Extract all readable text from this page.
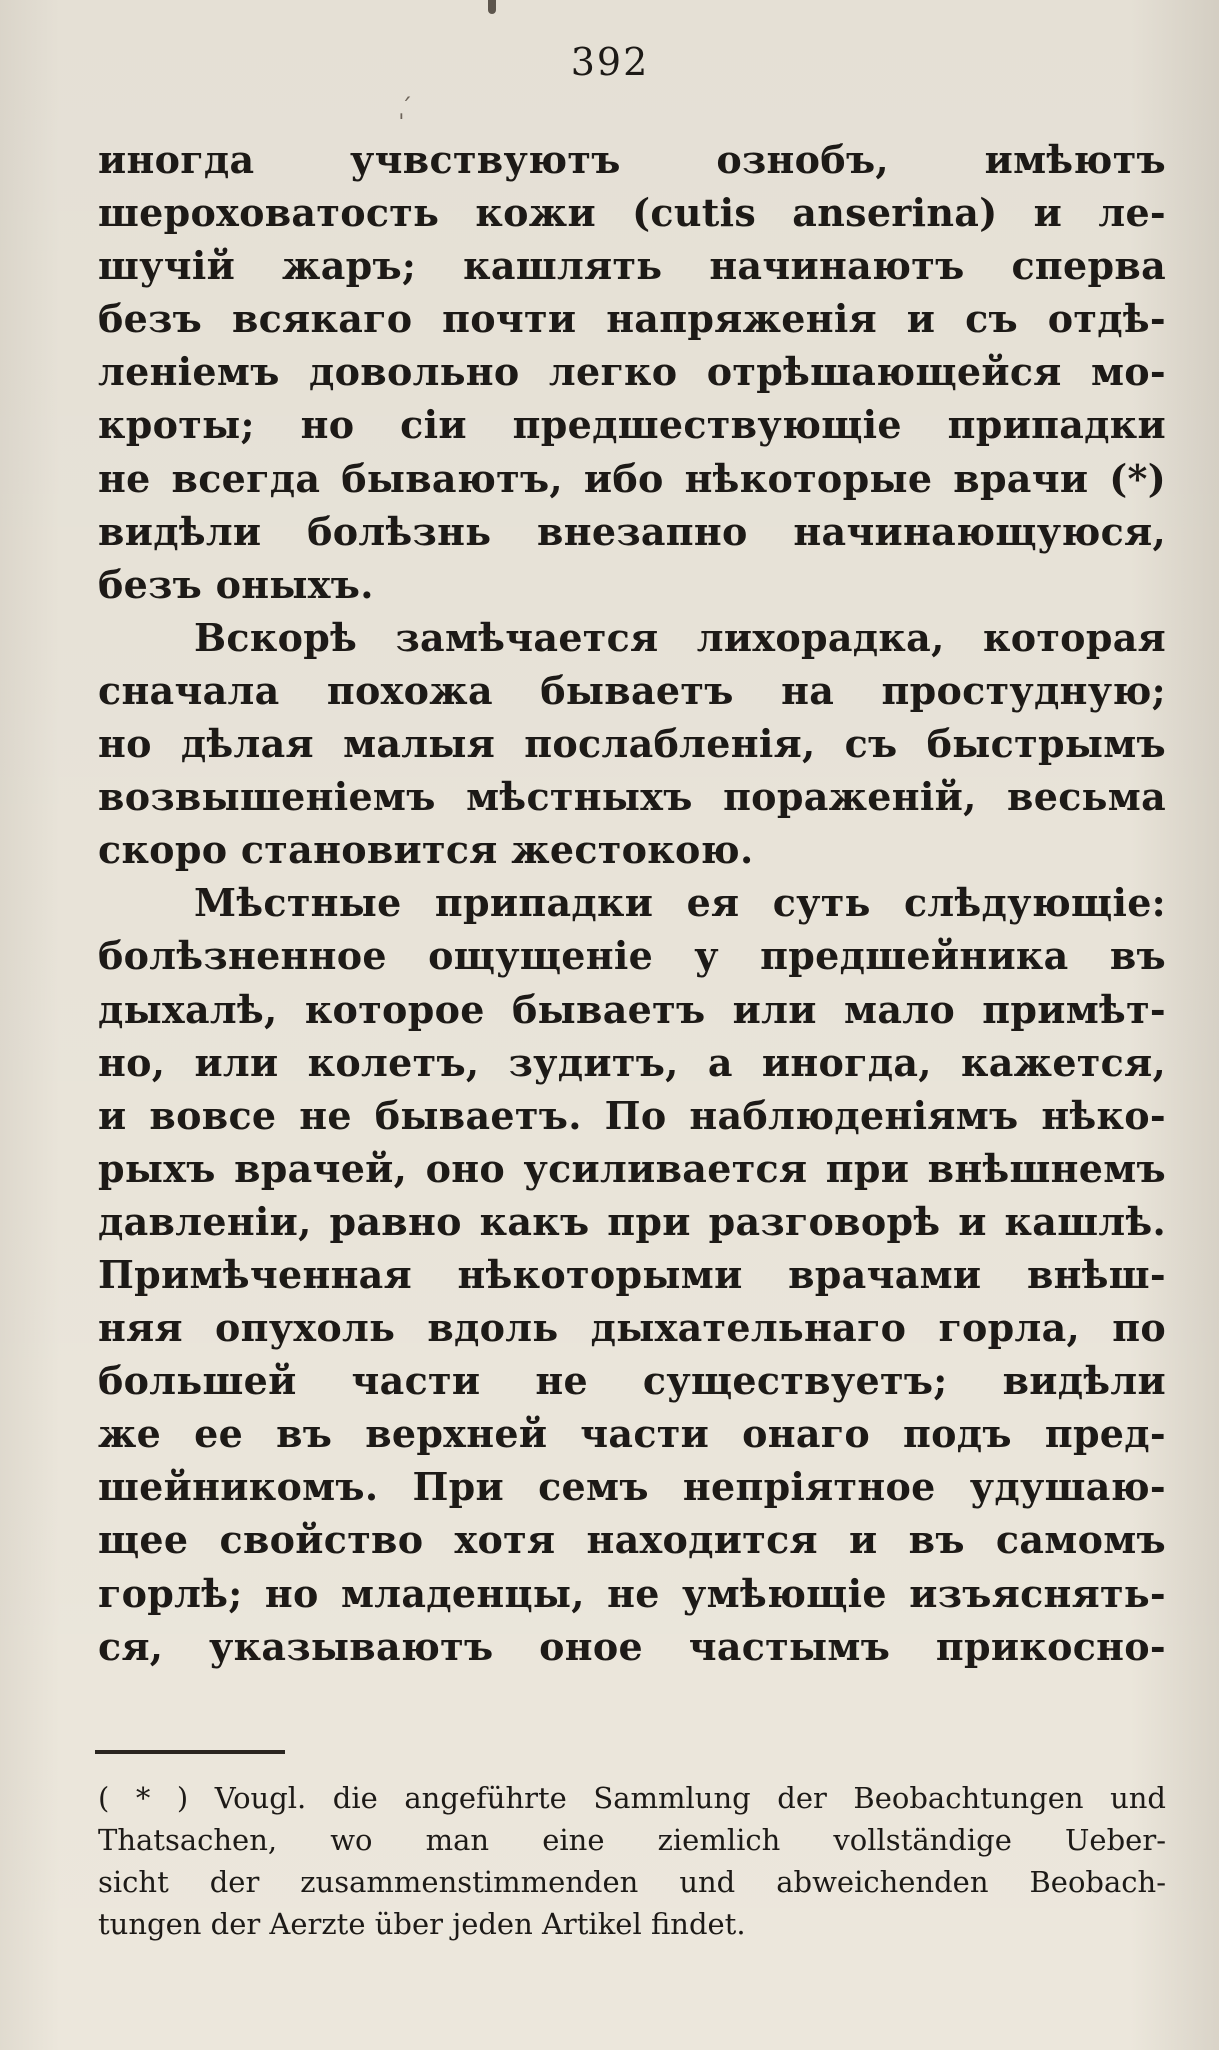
392
ˌ ́
иногда учвствуютъ ознобъ, имѣютъ
шероховатость кожи (cutis anserina) и ле-
шучій жаръ; кашлять начинаютъ сперва
безъ всякаго почти напряженія и съ отдѣ-
леніемъ довольно легко отрѣшающейся мо-
кроты; но сіи предшествующіе припадки
не всегда бываютъ, ибо нѣкоторые врачи (*)
видѣли болѣзнь внезапно начинающуюся,
безъ оныхъ.
Вскорѣ замѣчается лихорадка, которая
сначала похожа бываетъ на простудную;
но дѣлая малыя послабленія, съ быстрымъ
возвышеніемъ мѣстныхъ пораженій, весьма
скоро становится жестокою.
Мѣстные припадки ея суть слѣдующіе:
болѣзненное ощущеніе у предшейника въ
дыхалѣ, которое бываетъ или мало примѣт-
но, или колетъ, зудитъ, а иногда, кажется,
и вовсе не бываетъ. По наблюденіямъ нѣко-
рыхъ врачей, оно усиливается при внѣшнемъ
давленіи, равно какъ при разговорѣ и кашлѣ.
Примѣченная нѣкоторыми врачами внѣш-
няя опухоль вдоль дыхательнаго горла, по
большей части не существуетъ; видѣли
же ее въ верхней части онаго подъ пред-
шейникомъ. При семъ непріятное удушаю-
щее свойство хотя находится и въ самомъ
горлѣ; но младенцы, не умѣющіе изъяснять-
ся, указываютъ оное частымъ прикосно-
( * ) Vougl. die angeführte Sammlung der Beobachtungen und
Thatsachen, wo man eine ziemlich vollständige Ueber-
sicht der zusammenstimmenden und abweichenden Beobach-
tungen der Aerzte über jeden Artikel findet.
